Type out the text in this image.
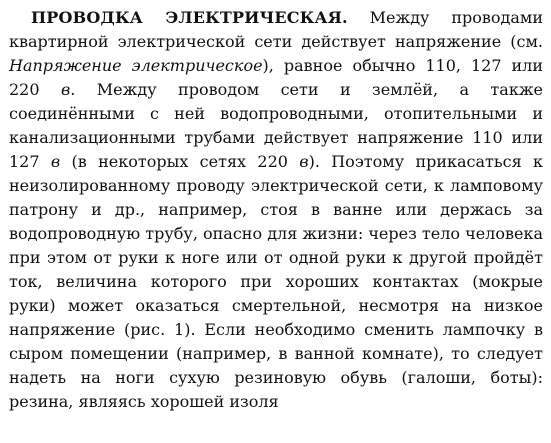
ПРОВОДКА ЭЛЕКТРИЧЕСКАЯ. Между проводами квартирной электрической сети действует напряжение (см. Напряжение электрическое), равное обычно 110, 127 или 220 в. Между проводом сети и землёй, а также соединёнными с ней водопроводными, отопительными и канализационными трубами действует напряжение 110 или 127 в (в некоторых сетях 220 в). Поэтому прикасаться к неизолированному проводу электрической сети, к ламповому патрону и др., например, стоя в ванне или держась за водопроводную трубу, опасно для жизни: через тело человека при этом от руки к ноге или от одной руки к другой пройдёт ток, величина которого при хороших контактах (мокрые руки) может оказаться смертельной, несмотря на низкое напряжение (рис. 1). Если необходимо сменить лампочку в сыром помещении (например, в ванной комнате), то следует надеть на ноги сухую резиновую обувь (галоши, боты): резина, являясь хорошей изоля
